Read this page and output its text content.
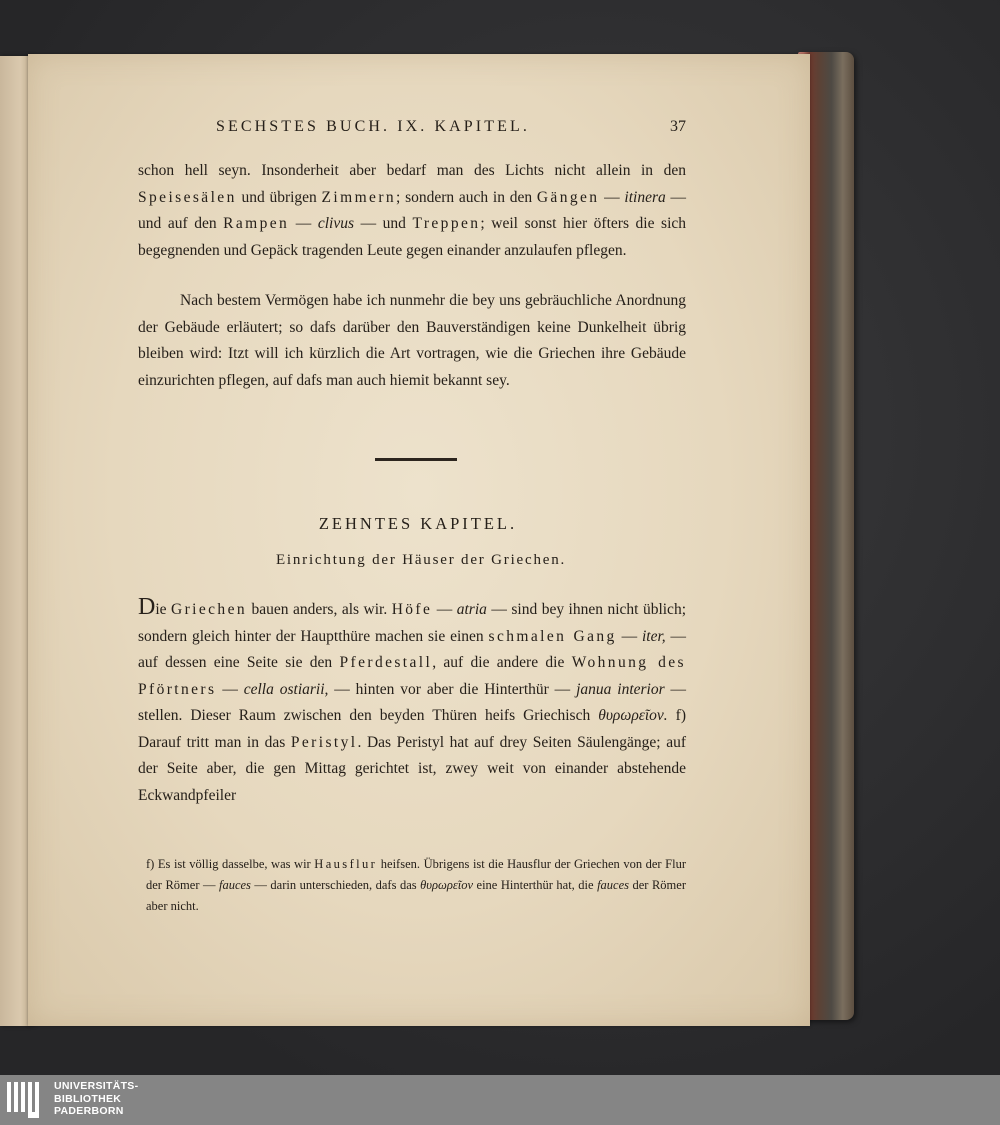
SECHSTES BUCH. IX. KAPITEL.	37

schon hell seyn. Insonderheit aber bedarf man des Lichts nicht allein in den Speisesälen und übrigen Zimmern; sondern auch in den Gängen — itinera — und auf den Rampen — clivus — und Treppen; weil sonst hier öfters die sich begegnenden und Gepäck tragenden Leute gegen einander anzulaufen pflegen.

Nach bestem Vermögen habe ich nunmehr die bey uns gebräuchliche Anordnung der Gebäude erläutert; so dafs darüber den Bauverständigen keine Dunkelheit übrig bleiben wird: Itzt will ich kürzlich die Art vortragen, wie die Griechen ihre Gebäude einzurichten pflegen, auf dafs man auch hiemit bekannt sey.

ZEHNTES KAPITEL.
Einrichtung der Häuser der Griechen.

Die Griechen bauen anders, als wir. Höfe — atria — sind bey ihnen nicht üblich; sondern gleich hinter der Hauptthüre machen sie einen schmalen Gang — iter, — auf dessen eine Seite sie den Pferdestall, auf die andere die Wohnung des Pförtners — cella ostiarii, — hinten vor aber die Hinterthür — janua interior — stellen. Dieser Raum zwischen den beyden Thüren heifs Griechisch θυρωρεῖον. f) Darauf tritt man in das Peristyl. Das Peristyl hat auf drey Seiten Säulengänge; auf der Seite aber, die gen Mittag gerichtet ist, zwey weit von einander abstehende Eckwandpfeiler

f) Es ist völlig dasselbe, was wir Hausflur heifsen. Übrigens ist die Hausflur der Griechen von der Flur der Römer — fauces — darin unterschieden, dafs das θυρωρεῖον eine Hinterthür hat, die fauces der Römer aber nicht.

UNIVERSITÄTS-
BIBLIOTHEK
PADERBORN
